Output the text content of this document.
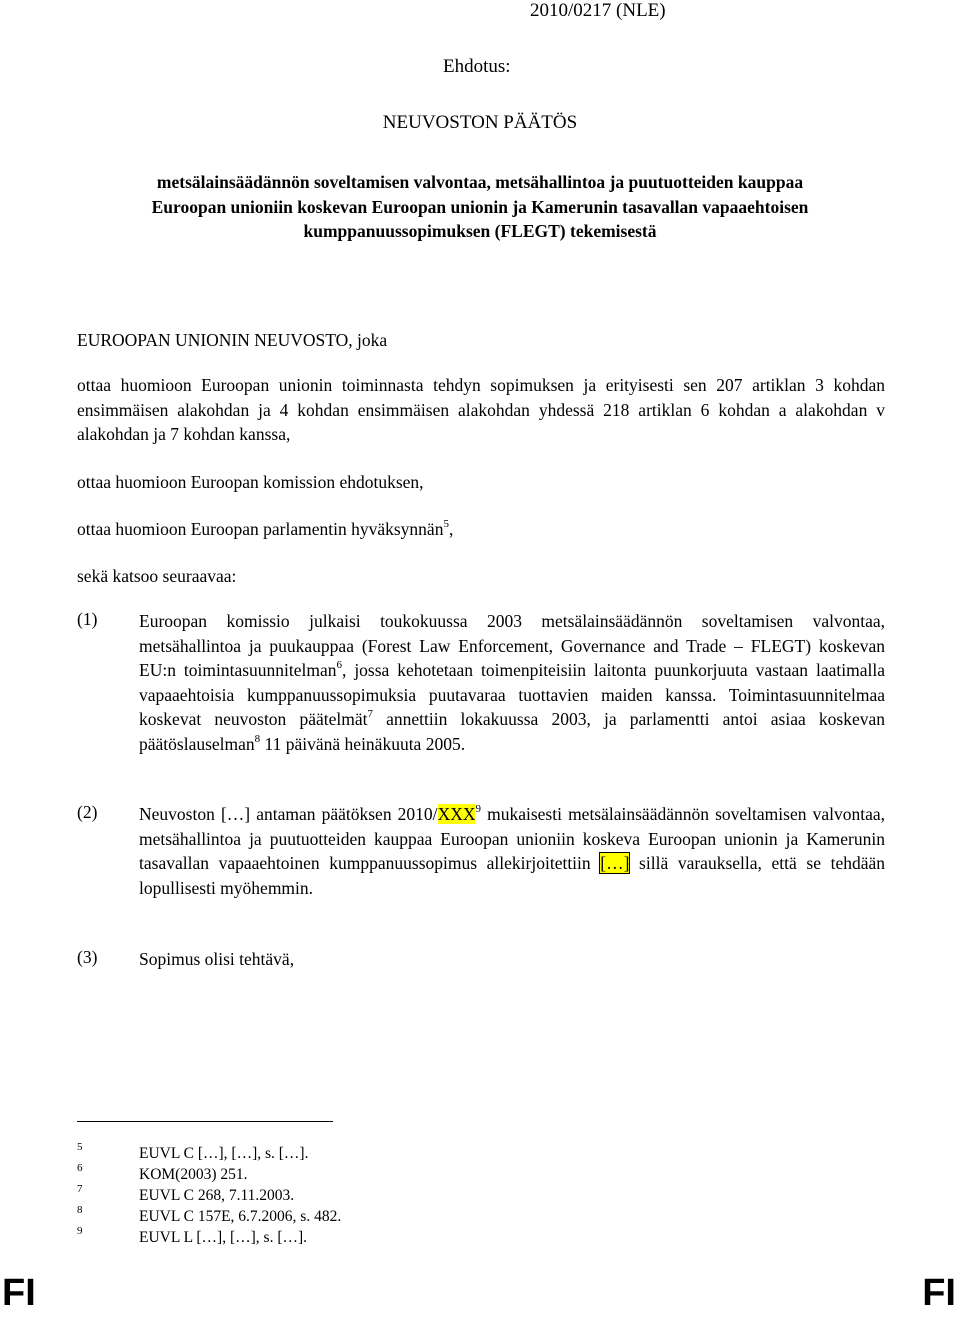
2010/0217 (NLE)
Ehdotus:
NEUVOSTON PÄÄTÖS
metsälainsäädännön soveltamisen valvontaa, metsähallintoa ja puutuotteiden kauppaa
Euroopan unioniin koskevan Euroopan unionin ja Kamerunin tasavallan vapaaehtoisen
kumppanuussopimuksen (FLEGT) tekemisestä
EUROOPAN UNIONIN NEUVOSTO, joka
ottaa huomioon Euroopan unionin toiminnasta tehdyn sopimuksen ja erityisesti sen 207 artiklan 3 kohdan ensimmäisen alakohdan ja 4 kohdan ensimmäisen alakohdan yhdessä 218 artiklan 6 kohdan a alakohdan v alakohdan ja 7 kohdan kanssa,
ottaa huomioon Euroopan komission ehdotuksen,
ottaa huomioon Euroopan parlamentin hyväksynnän$^5$,
sekä katsoo seuraavaa:
(1) Euroopan komissio julkaisi toukokuussa 2003 metsälainsäädännön soveltamisen valvontaa, metsähallintoa ja puukauppaa (Forest Law Enforcement, Governance and Trade – FLEGT) koskevan EU:n toimintasuunnitelman$^6$, jossa kehotetaan toimenpiteisiin laitonta puunkorjuuta vastaan laatimalla vapaaehtoisia kumppanuussopimuksia puutavaraa tuottavien maiden kanssa. Toimintasuunnitelmaa koskevat neuvoston päätelmät$^7$ annettiin lokakuussa 2003, ja parlamentti antoi asiaa koskevan päätöslauselman$^8$ 11 päivänä heinäkuuta 2005.
(2) Neuvoston […] antaman päätöksen 2010/XXX$^9$ mukaisesti metsälainsäädännön soveltamisen valvontaa, metsähallintoa ja puutuotteiden kauppaa Euroopan unioniin koskeva Euroopan unionin ja Kamerunin tasavallan vapaaehtoinen kumppanuussopimus allekirjoitettiin […] sillä varauksella, että se tehdään lopullisesti myöhemmin.
(3) Sopimus olisi tehtävä,
5	EUVL C […], […], s. […].
6	KOM(2003) 251.
7	EUVL C 268, 7.11.2003.
8	EUVL C 157E, 6.7.2006, s. 482.
9	EUVL L […], […], s. […].
FI	FI
